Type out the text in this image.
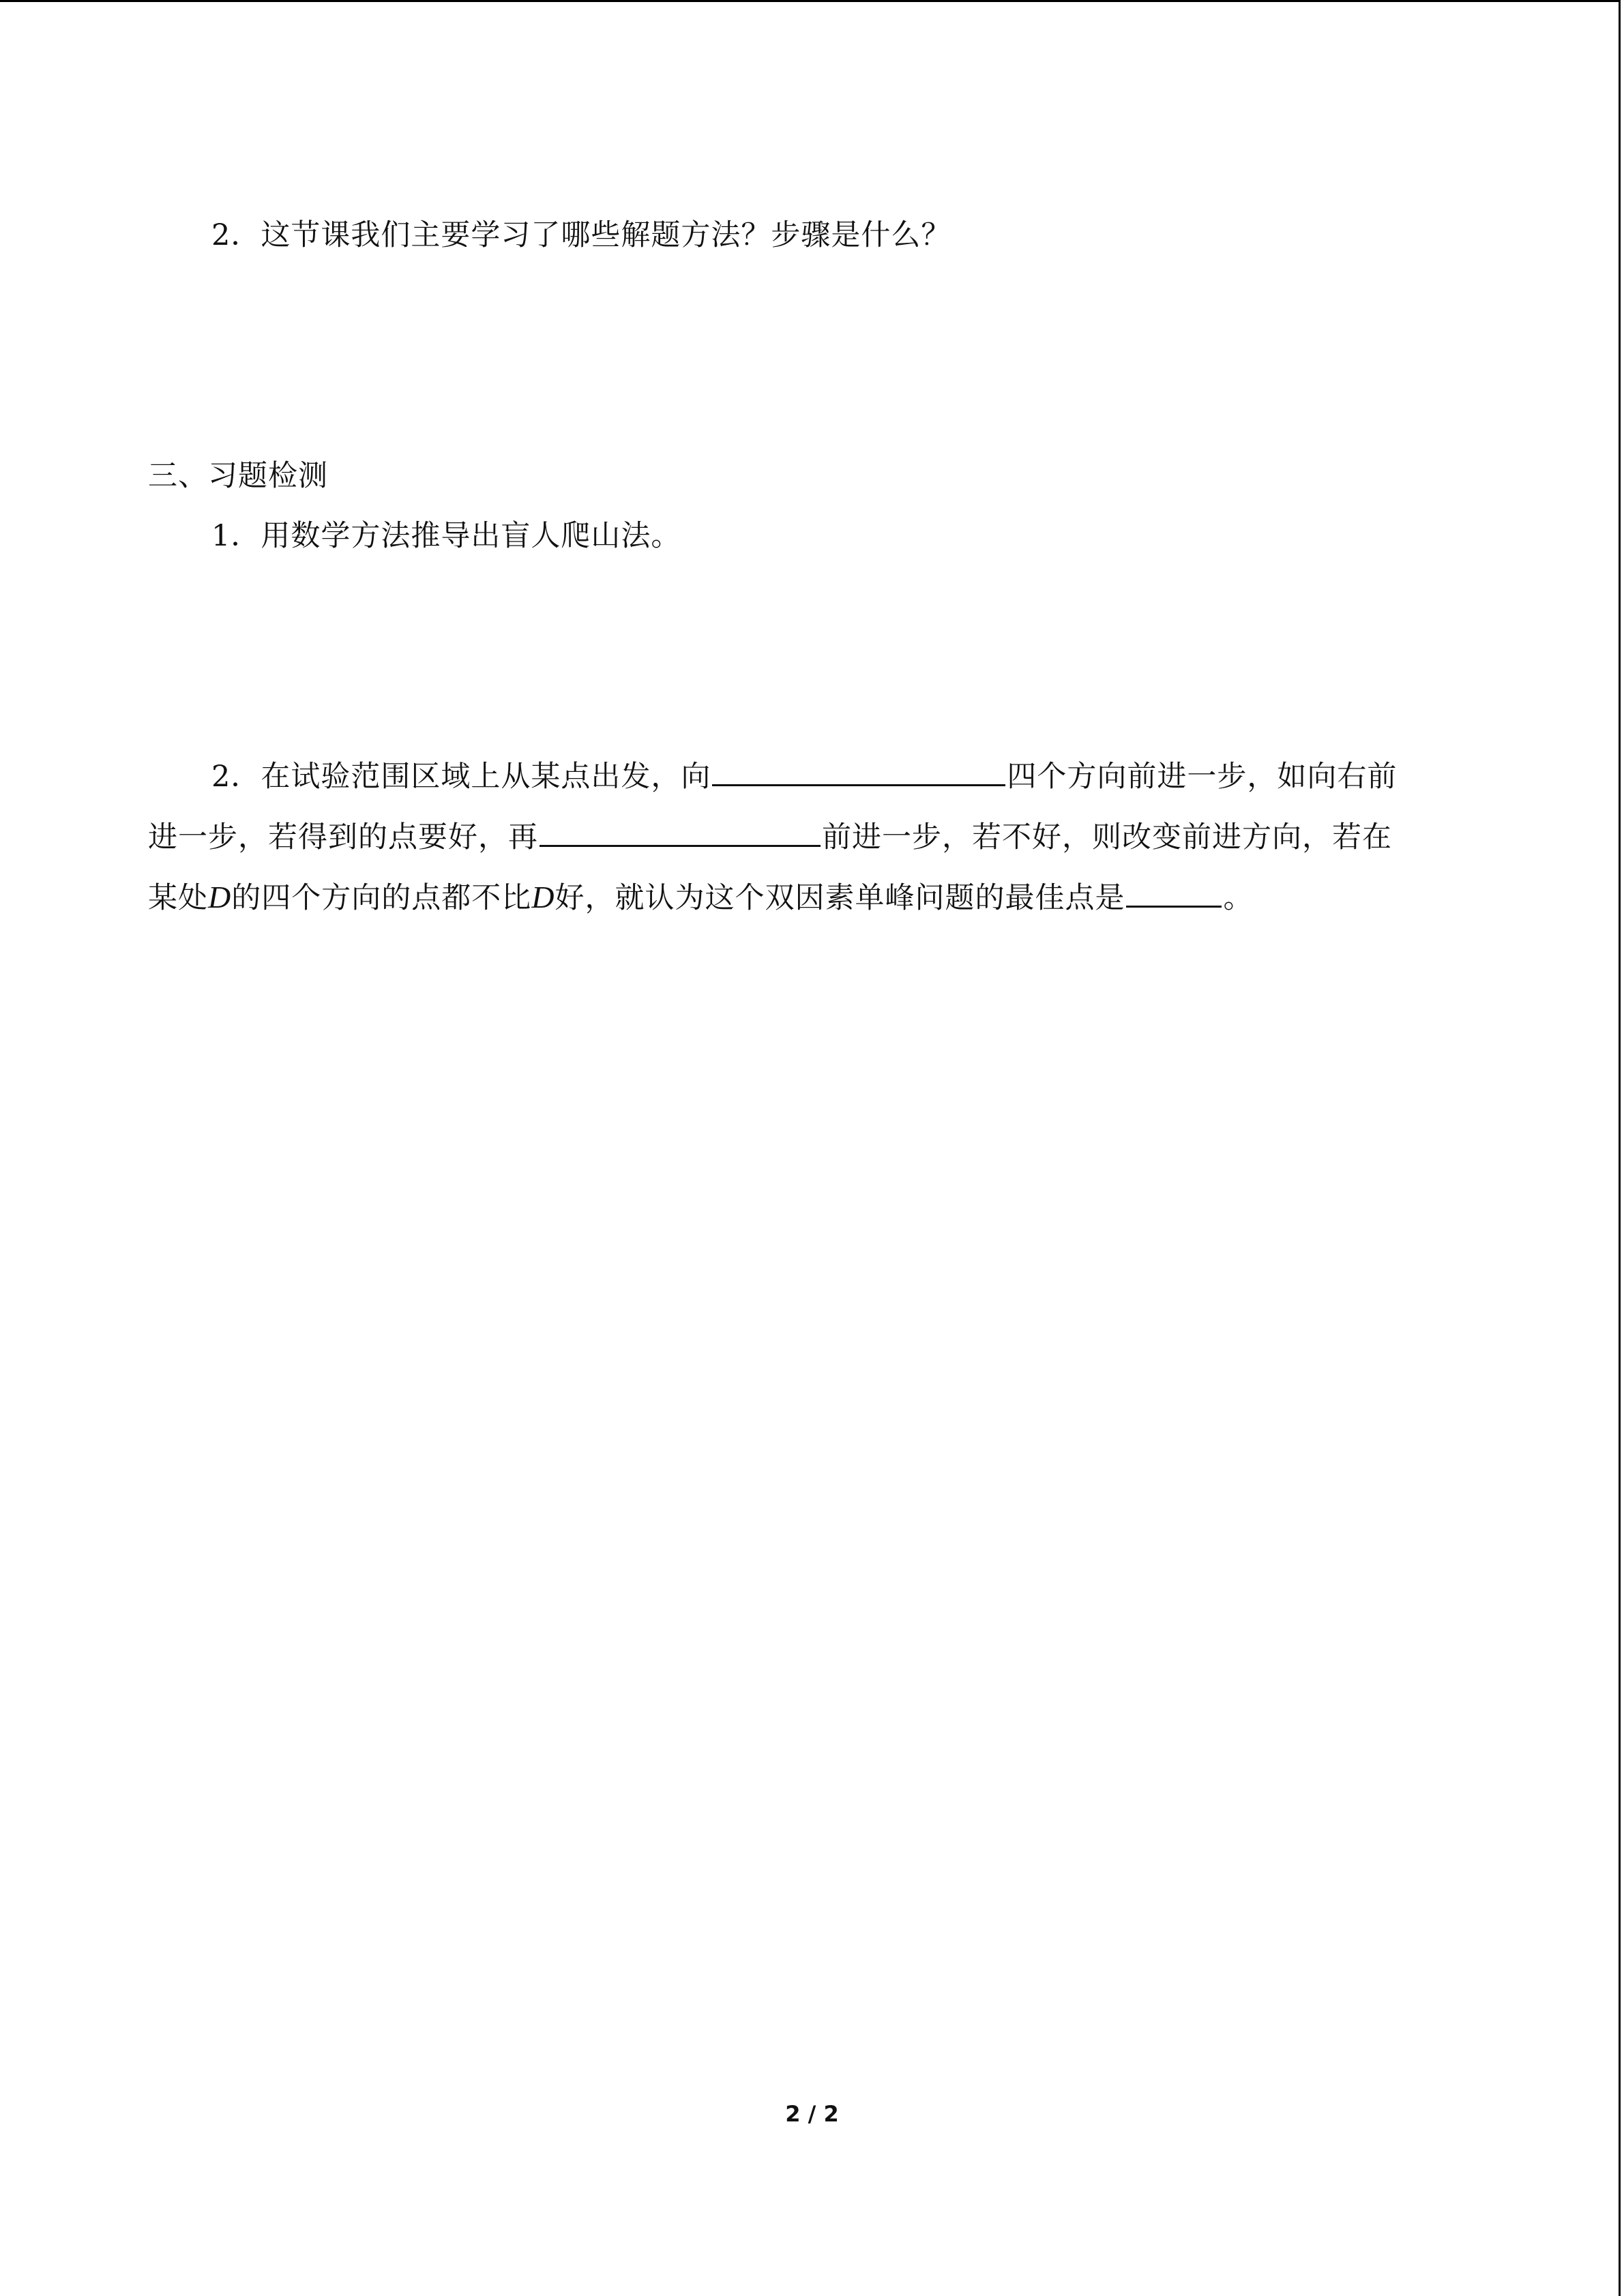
2．这节课我们主要学习了哪些解题方法？步骤是什么？
三、习题检测
1．用数学方法推导出盲人爬山法。
2．在试验范围区域上从某点出发，向	四个方向前进一步，如向右前
进一步，若得到的点要好，再	前进一步，若不好，则改变前进方向，若在
某处D的四个方向的点都不比D好，就认为这个双因素单峰问题的最佳点是	。
2 / 2
